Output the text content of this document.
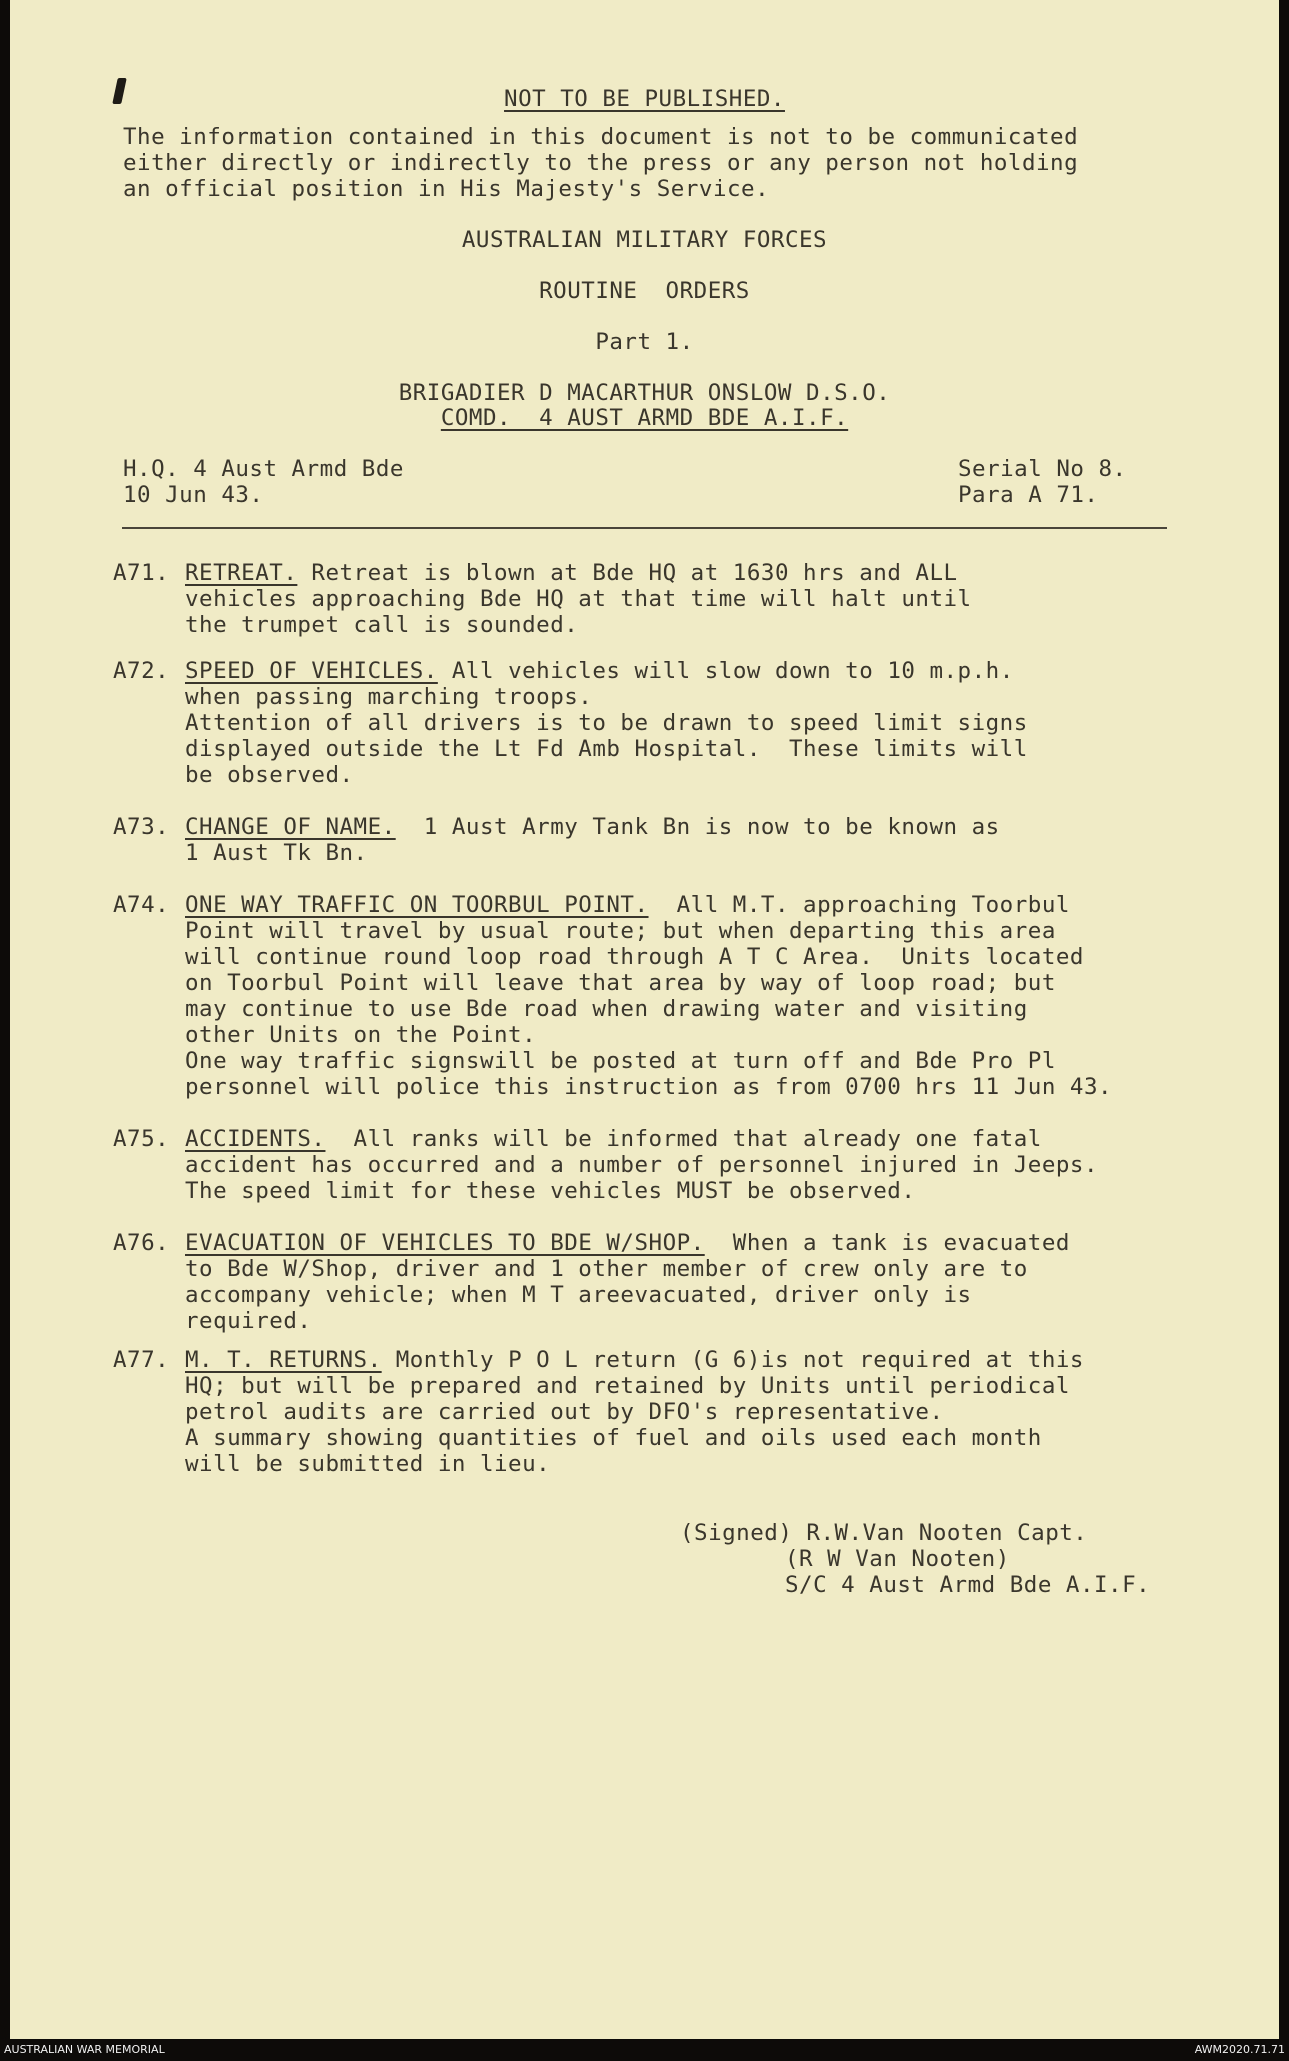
NOT TO BE PUBLISHED.
The information contained in this document is not to be communicated
either directly or indirectly to the press or any person not holding
an official position in His Majesty's Service.
AUSTRALIAN MILITARY FORCES
ROUTINE  ORDERS
Part 1.
BRIGADIER D MACARTHUR ONSLOW D.S.O.
COMD.  4 AUST ARMD BDE A.I.F.
H.Q. 4 Aust Armd Bde
10 Jun 43.
Serial No 8.
Para A 71.
A71. RETREAT. Retreat is blown at Bde HQ at 1630 hrs and ALL
vehicles approaching Bde HQ at that time will halt until
the trumpet call is sounded.
A72. SPEED OF VEHICLES. All vehicles will slow down to 10 m.p.h.
when passing marching troops.
Attention of all drivers is to be drawn to speed limit signs
displayed outside the Lt Fd Amb Hospital.  These limits will
be observed.
A73. CHANGE OF NAME.  1 Aust Army Tank Bn is now to be known as
1 Aust Tk Bn.
A74. ONE WAY TRAFFIC ON TOORBUL POINT.  All M.T. approaching Toorbul
Point will travel by usual route; but when departing this area
will continue round loop road through A T C Area.  Units located
on Toorbul Point will leave that area by way of loop road; but
may continue to use Bde road when drawing water and visiting
other Units on the Point.
One way traffic signswill be posted at turn off and Bde Pro Pl
personnel will police this instruction as from 0700 hrs 11 Jun 43.
A75. ACCIDENTS.  All ranks will be informed that already one fatal
accident has occurred and a number of personnel injured in Jeeps.
The speed limit for these vehicles MUST be observed.
A76. EVACUATION OF VEHICLES TO BDE W/SHOP.  When a tank is evacuated
to Bde W/Shop, driver and 1 other member of crew only are to
accompany vehicle; when M T areevacuated, driver only is
required.
A77. M. T. RETURNS. Monthly P O L return (G 6)is not required at this
HQ; but will be prepared and retained by Units until periodical
petrol audits are carried out by DFO's representative.
A summary showing quantities of fuel and oils used each month
will be submitted in lieu.
(Signed) R.W.Van Nooten Capt.
(R W Van Nooten)
S/C 4 Aust Armd Bde A.I.F.
AUSTRALIAN WAR MEMORIAL	AWM2020.71.71
